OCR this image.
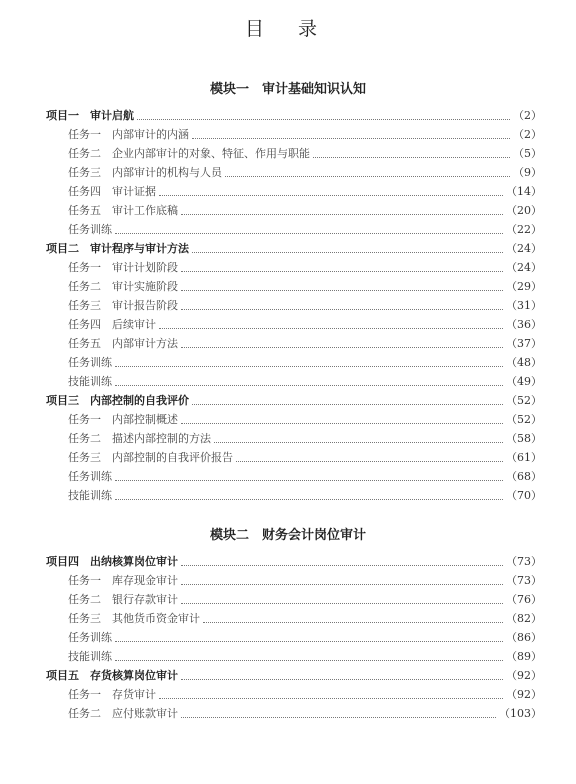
目 录
模块一　审计基础知识认知
项目一　审计启航	（2）
任务一　内部审计的内涵	（2）
任务二　企业内部审计的对象、特征、作用与职能	（5）
任务三　内部审计的机构与人员	（9）
任务四　审计证据	（14）
任务五　审计工作底稿	（20）
任务训练	（22）
项目二　审计程序与审计方法	（24）
任务一　审计计划阶段	（24）
任务二　审计实施阶段	（29）
任务三　审计报告阶段	（31）
任务四　后续审计	（36）
任务五　内部审计方法	（37）
任务训练	（48）
技能训练	（49）
项目三　内部控制的自我评价	（52）
任务一　内部控制概述	（52）
任务二　描述内部控制的方法	（58）
任务三　内部控制的自我评价报告	（61）
任务训练	（68）
技能训练	（70）
模块二　财务会计岗位审计
项目四　出纳核算岗位审计	（73）
任务一　库存现金审计	（73）
任务二　银行存款审计	（76）
任务三　其他货币资金审计	（82）
任务训练	（86）
技能训练	（89）
项目五　存货核算岗位审计	（92）
任务一　存货审计	（92）
任务二　应付账款审计	（103）
